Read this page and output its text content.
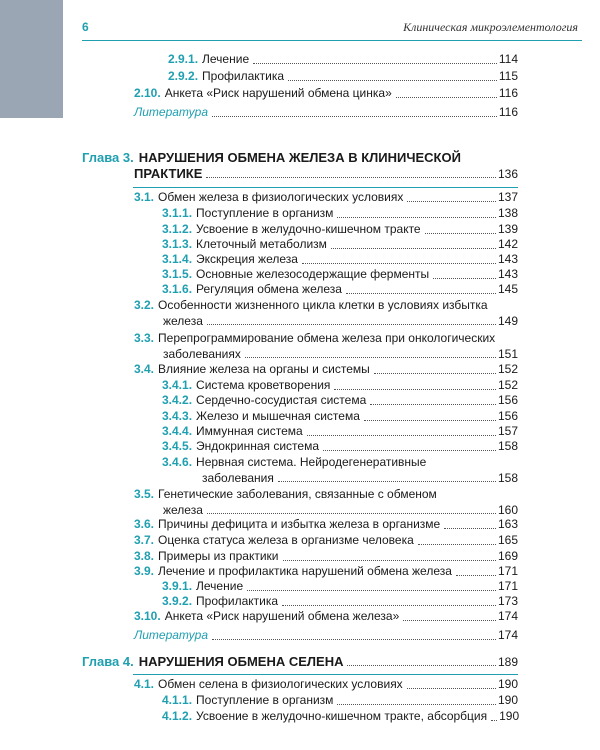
6	Клиническая микроэлементология
2.9.1. Лечение	114
2.9.2. Профилактика	115
2.10. Анкета «Риск нарушений обмена цинка»	116
Литература	116
Глава 3. НАРУШЕНИЯ ОБМЕНА ЖЕЛЕЗА В КЛИНИЧЕСКОЙ
ПРАКТИКЕ	136
3.1. Обмен железа в физиологических условиях	137
3.1.1. Поступление в организм	138
3.1.2. Усвоение в желудочно-кишечном тракте	139
3.1.3. Клеточный метаболизм	142
3.1.4. Экскреция железа	143
3.1.5. Основные железосодержащие ферменты	143
3.1.6. Регуляция обмена железа	145
3.2. Особенности жизненного цикла клетки в условиях избытка
железа	149
3.3. Перепрограммирование обмена железа при онкологических
заболеваниях	151
3.4. Влияние железа на органы и системы	152
3.4.1. Система кроветворения	152
3.4.2. Сердечно-сосудистая система	156
3.4.3. Железо и мышечная система	156
3.4.4. Иммунная система	157
3.4.5. Эндокринная система	158
3.4.6. Нервная система. Нейродегенеративные
заболевания	158
3.5. Генетические заболевания, связанные с обменом
железа	160
3.6. Причины дефицита и избытка железа в организме	163
3.7. Оценка статуса железа в организме человека	165
3.8. Примеры из практики	169
3.9. Лечение и профилактика нарушений обмена железа	171
3.9.1. Лечение	171
3.9.2. Профилактика	173
3.10. Анкета «Риск нарушений обмена железа»	174
Литература	174
Глава 4. НАРУШЕНИЯ ОБМЕНА СЕЛЕНА	189
4.1. Обмен селена в физиологических условиях	190
4.1.1. Поступление в организм	190
4.1.2. Усвоение в желудочно-кишечном тракте, абсорбция 190
